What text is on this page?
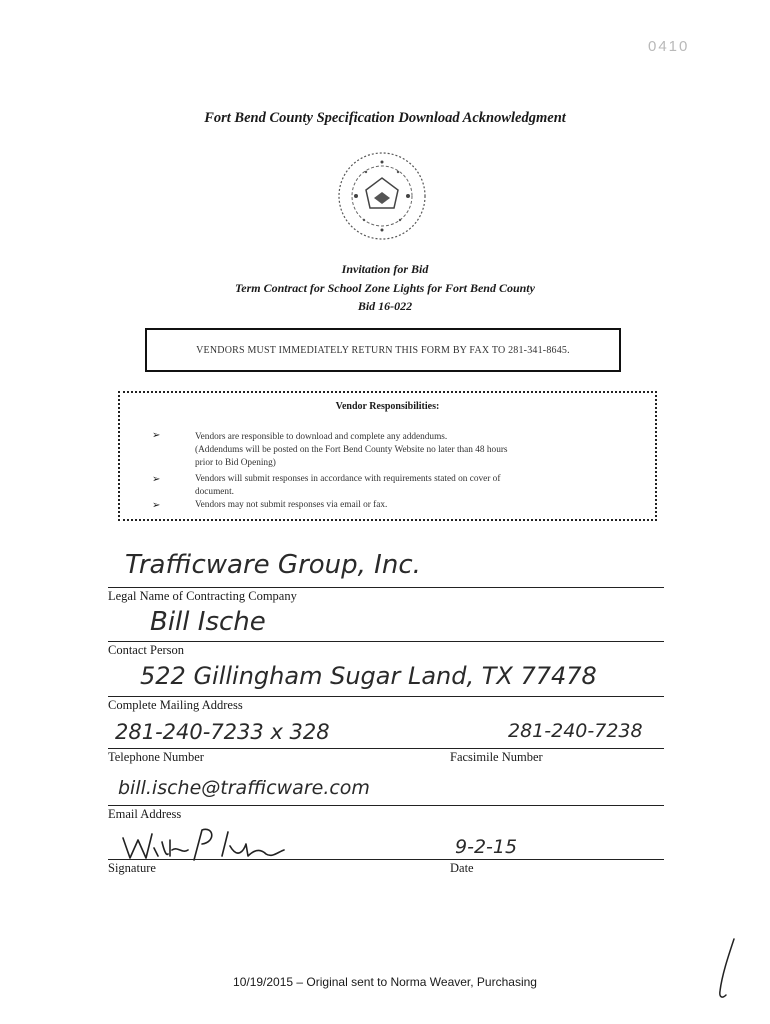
0410
Fort Bend County Specification Download Acknowledgment
Invitation for Bid
Term Contract for School Zone Lights for Fort Bend County
Bid 16-022
VENDORS MUST IMMEDIATELY RETURN THIS FORM BY FAX TO 281-341-8645.
Vendor Responsibilities:
➢
➢
➢
Vendors are responsible to download and complete any addendums.
(Addendums will be posted on the Fort Bend County Website no later than 48 hours
prior to Bid Opening)
Vendors will submit responses in accordance with requirements stated on cover of
document.
Vendors may not submit responses via email or fax.
Trafficware Group, Inc.
Legal Name of Contracting Company
Bill Ische
Contact Person
522 Gillingham Sugar Land, TX 77478
Complete Mailing Address
281-240-7233 x 328	281-240-7238
Telephone Number	Facsimile Number
bill.ische@trafficware.com
Email Address
9-2-15
Signature	Date
10/19/2015 – Original sent to Norma Weaver, Purchasing
